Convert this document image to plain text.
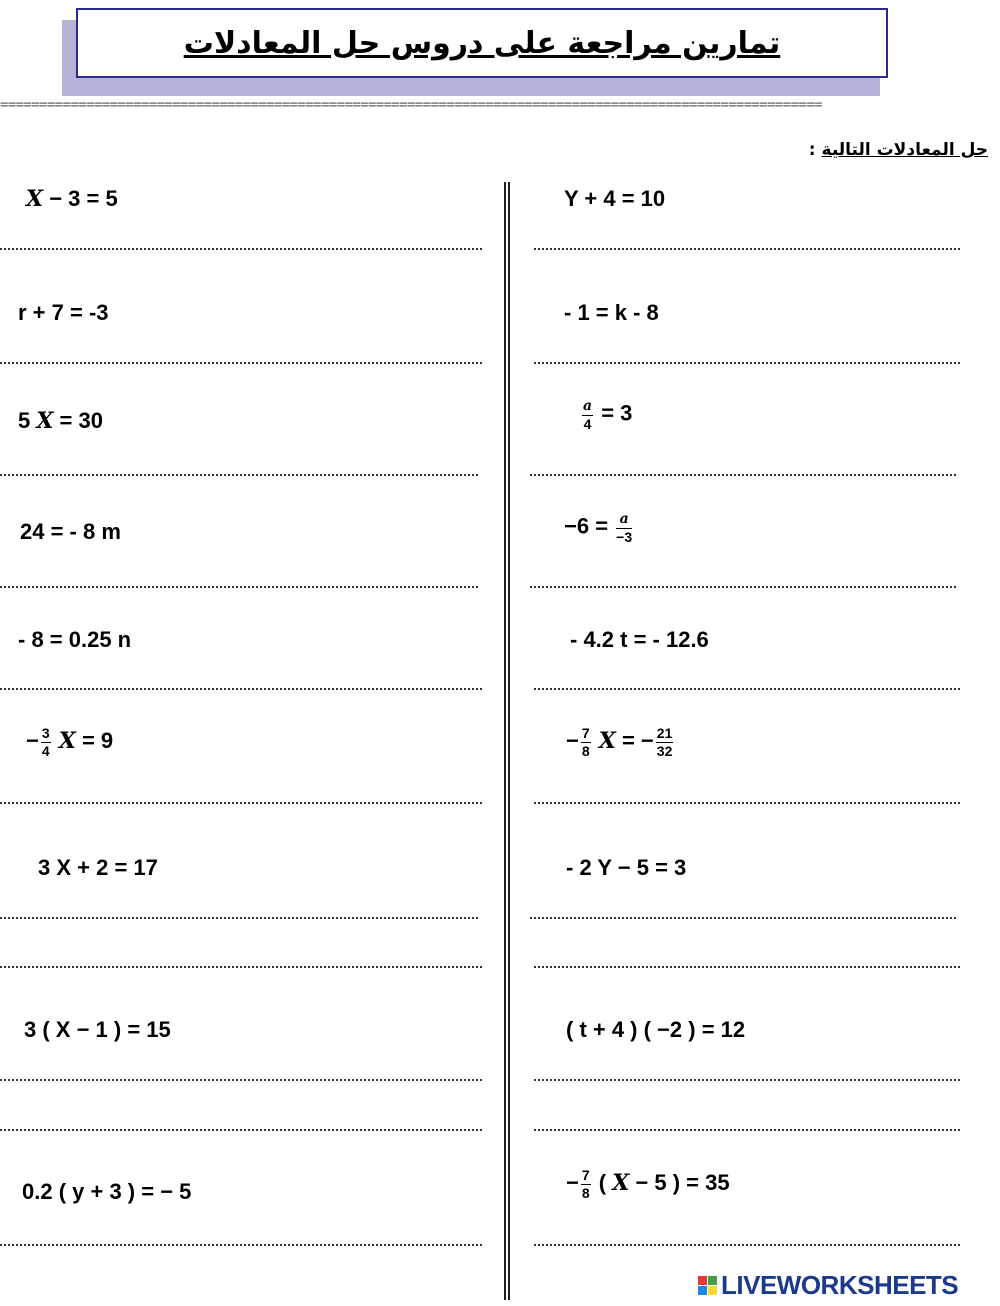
تمارين مراجعة على دروس حل المعادلات
=========================================================================================================
حل المعادلات التالية :
X − 3 = 5
r + 7 = -3
5 X = 30
24 = - 8 m
- 8 = 0.25 n
− $\frac{3}{4}$ X = 9
3 X + 2 = 17
3 ( X − 1 ) = 15
0.2 ( y + 3 ) = − 5
Y + 4 = 10
- 1 = k - 8
$\frac{a}{4} = 3$
$-6 = \frac{a}{-3}$
- 4.2 t = - 12.6
− $\frac{7}{8}$ X = − $\frac{21}{32}$
- 2 Y − 5 = 3
( t + 4 ) ( −2 ) = 12
− $\frac{7}{8}$ ( X − 5 ) = 35
LIVEWORKSHEETS
